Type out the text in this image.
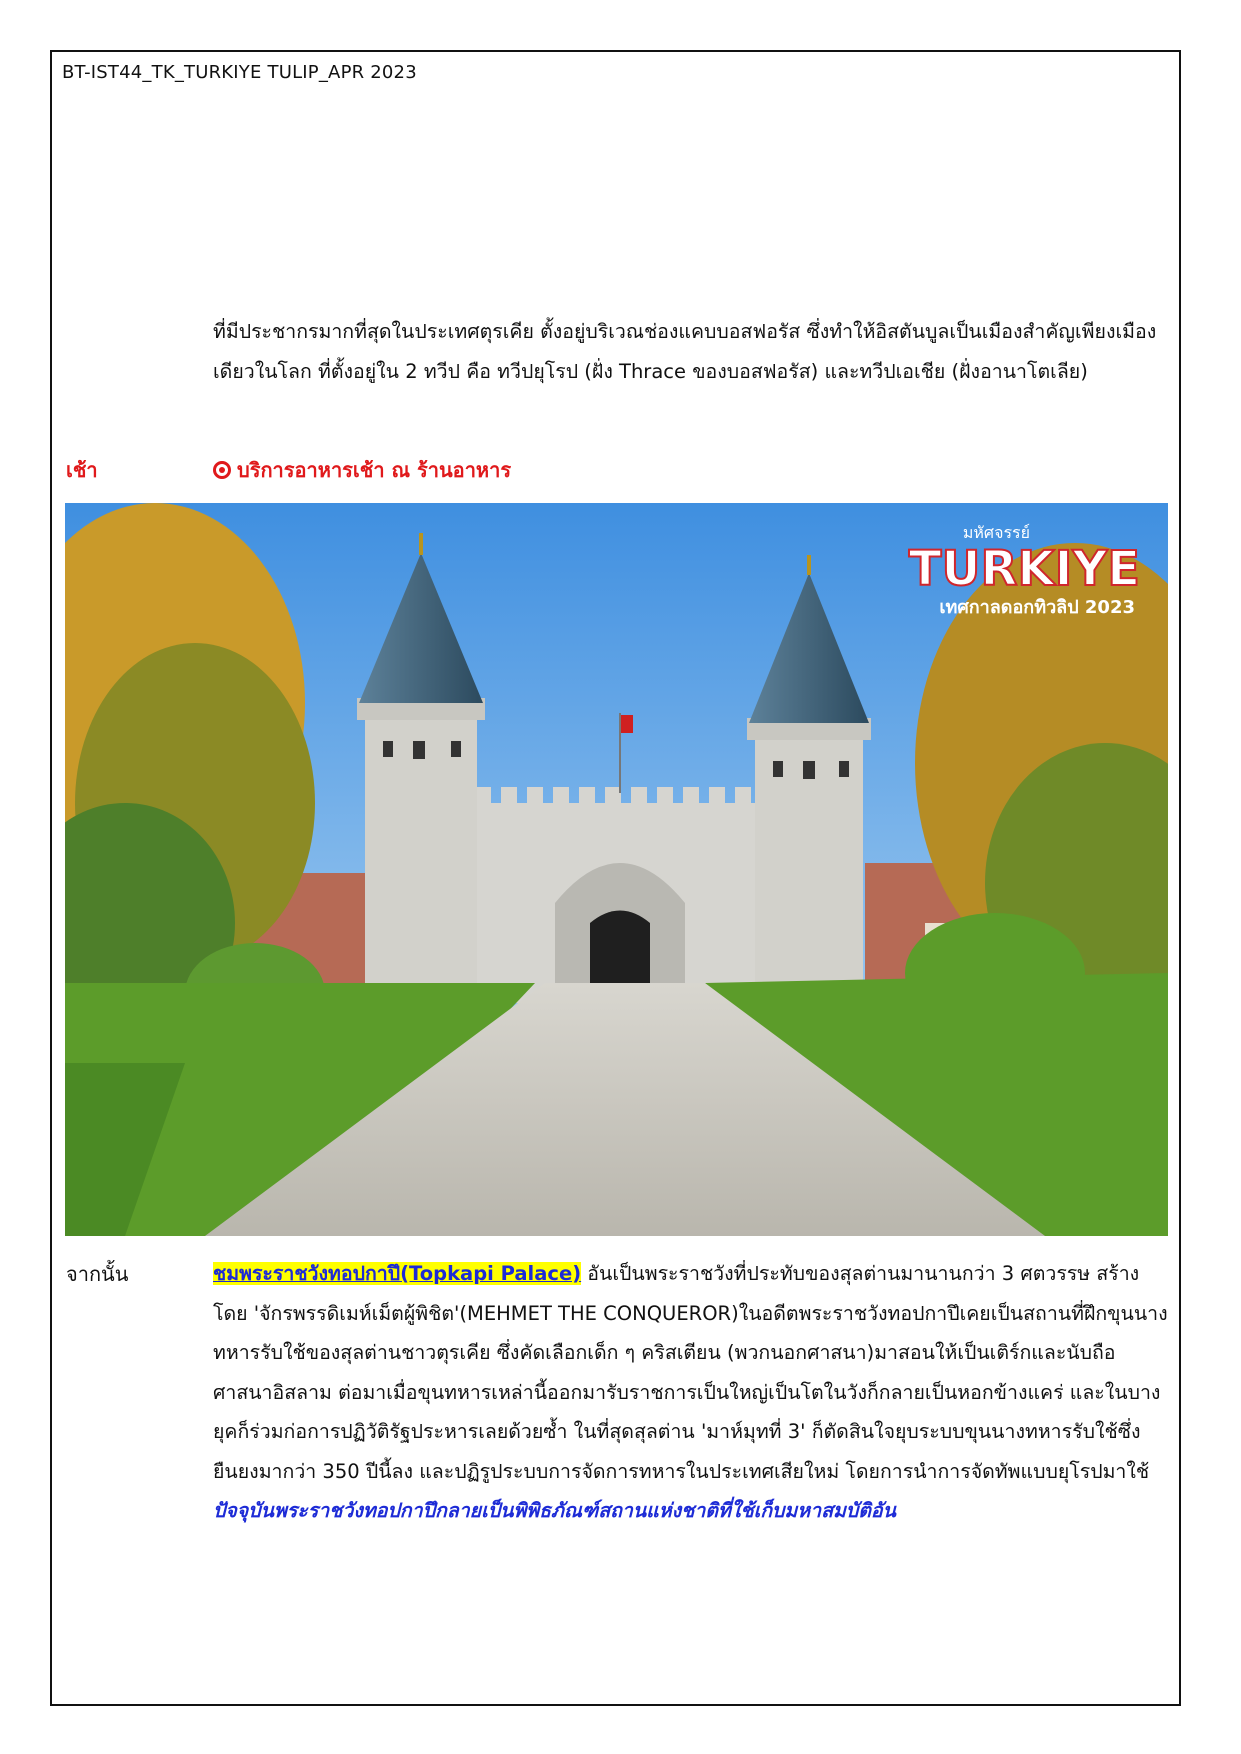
BT-IST44_TK_TURKIYE TULIP_APR 2023
ที่มีประชากรมากที่สุดในประเทศตุรเคีย ตั้งอยู่บริเวณช่องแคบบอสฟอรัส ซึ่งทำให้อิสตันบูลเป็นเมืองสำคัญเพียงเมืองเดียวในโลก ที่ตั้งอยู่ใน 2 ทวีป คือ ทวีปยุโรป (ฝั่ง Thrace ของบอสฟอรัส) และทวีปเอเชีย (ฝั่งอานาโตเลีย)
เช้า	บริการอาหารเช้า ณ ร้านอาหาร
มหัศจรรย์
TURKIYE
เทศกาลดอกทิวลิป 2023
จากนั้น	ชมพระราชวังทอปกาปึ(Topkapi Palace) อันเป็นพระราชวังที่ประทับของสุลต่านมานานกว่า 3 ศตวรรษ สร้างโดย 'จักรพรรดิเมห์เม็ตผู้พิชิต'(MEHMET THE CONQUEROR)ในอดีตพระราชวังทอปกาปึเคยเป็นสถานที่ฝึกขุนนางทหารรับใช้ของสุลต่านชาวตุรเคีย ซึ่งคัดเลือกเด็ก ๆ คริสเตียน (พวกนอกศาสนา)มาสอนให้เป็นเติร์กและนับถือศาสนาอิสลาม ต่อมาเมื่อขุนทหารเหล่านี้ออกมารับราชการเป็นใหญ่เป็นโตในวังก็กลายเป็นหอกข้างแคร่ และในบางยุคก็ร่วมก่อการปฏิวัติรัฐประหารเลยด้วยซ้ำ ในที่สุดสุลต่าน 'มาห์มุทที่ 3' ก็ตัดสินใจยุบระบบขุนนางทหารรับใช้ซึ่งยืนยงมากว่า 350 ปีนี้ลง และปฏิรูประบบการจัดการทหารในประเทศเสียใหม่ โดยการนำการจัดทัพแบบยุโรปมาใช้ ปัจจุบันพระราชวังทอปกาปึกลายเป็นพิพิธภัณฑ์สถานแห่งชาติที่ใช้เก็บมหาสมบัติอัน
